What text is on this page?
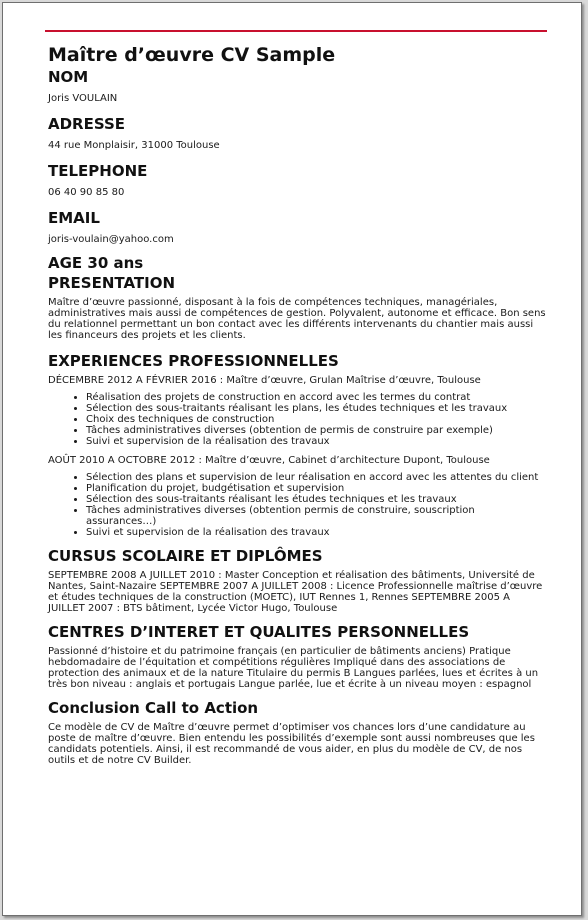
Maître d’œuvre CV Sample
NOM

Joris VOULAIN

ADRESSE

44 rue Monplaisir, 31000 Toulouse

TELEPHONE

06 40 90 85 80

EMAIL

joris-voulain@yahoo.com

AGE 30 ans
PRESENTATION

Maître d’œuvre passionné, disposant à la fois de compétences techniques, managériales, administratives mais aussi de compétences de gestion. Polyvalent, autonome et efficace. Bon sens du relationnel permettant un bon contact avec les différents intervenants du chantier mais aussi les financeurs des projets et les clients.

EXPERIENCES PROFESSIONNELLES

DÉCEMBRE 2012 A FÉVRIER 2016 : Maître d’œuvre, Grulan Maîtrise d’œuvre, Toulouse

• Réalisation des projets de construction en accord avec les termes du contrat
• Sélection des sous-traitants réalisant les plans, les études techniques et les travaux
• Choix des techniques de construction
• Tâches administratives diverses (obtention de permis de construire par exemple)
• Suivi et supervision de la réalisation des travaux

AOÛT 2010 A OCTOBRE 2012 : Maître d’œuvre, Cabinet d’architecture Dupont, Toulouse

• Sélection des plans et supervision de leur réalisation en accord avec les attentes du client
• Planification du projet, budgétisation et supervision
• Sélection des sous-traitants réalisant les études techniques et les travaux
• Tâches administratives diverses (obtention permis de construire, souscription assurances…)
• Suivi et supervision de la réalisation des travaux
CURSUS SCOLAIRE ET DIPLÔMES

SEPTEMBRE 2008 A JUILLET 2010 : Master Conception et réalisation des bâtiments, Université de Nantes, Saint-Nazaire SEPTEMBRE 2007 A JUILLET 2008 : Licence Professionnelle maîtrise d’œuvre et études techniques de la construction (MOETC), IUT Rennes 1, Rennes SEPTEMBRE 2005 A JUILLET 2007 : BTS bâtiment, Lycée Victor Hugo, Toulouse

CENTRES D’INTERET ET QUALITES PERSONNELLES

Passionné d’histoire et du patrimoine français (en particulier de bâtiments anciens) Pratique hebdomadaire de l’équitation et compétitions régulières Impliqué dans des associations de protection des animaux et de la nature Titulaire du permis B Langues parlées, lues et écrites à un très bon niveau : anglais et portugais Langue parlée, lue et écrite à un niveau moyen : espagnol

Conclusion Call to Action

Ce modèle de CV de Maître d’œuvre permet d’optimiser vos chances lors d’une candidature au poste de maître d’œuvre. Bien entendu les possibilités d’exemple sont aussi nombreuses que les candidats potentiels. Ainsi, il est recommandé de vous aider, en plus du modèle de CV, de nos outils et de notre CV Builder.
